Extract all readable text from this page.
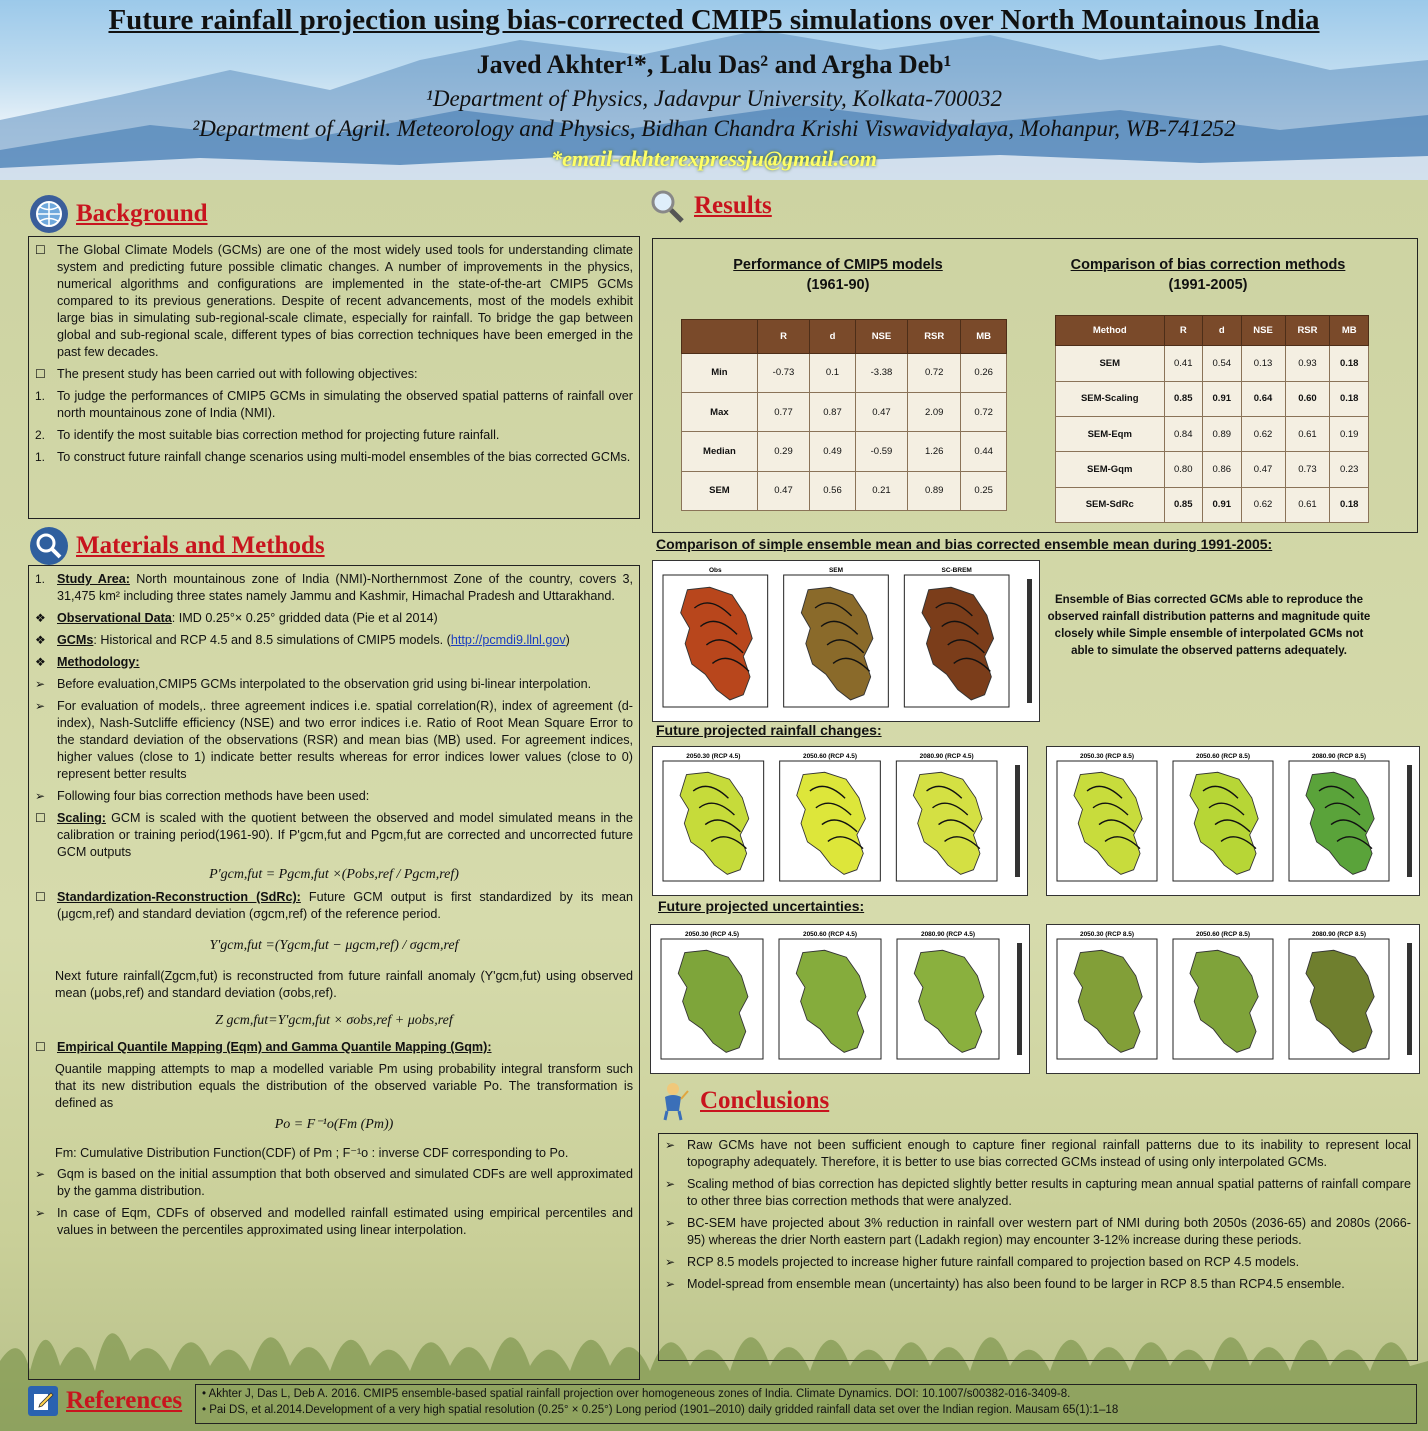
Future rainfall projection using bias-corrected CMIP5 simulations over North Mountainous India
Javed Akhter¹*, Lalu Das² and Argha Deb¹
¹Department of Physics, Jadavpur University, Kolkata-700032
²Department of Agril. Meteorology and Physics, Bidhan Chandra Krishi Viswavidyalaya, Mohanpur, WB-741252
*email-akhterexpressju@gmail.com
Background
☐ The Global Climate Models (GCMs) are one of the most widely used tools for understanding climate system and predicting future possible climatic changes. A number of improvements in the physics, numerical algorithms and configurations are implemented in the state-of-the-art CMIP5 GCMs compared to its previous generations. Despite of recent advancements, most of the models exhibit large bias in simulating sub-regional-scale climate, especially for rainfall. To bridge the gap between global and sub-regional scale, different types of bias correction techniques have been emerged in the past few decades.
☐ The present study has been carried out with following objectives:
1. To judge the performances of CMIP5 GCMs in simulating the observed spatial patterns of rainfall over north mountainous zone of India (NMI).
2. To identify the most suitable bias correction method for projecting future rainfall.
1. To construct future rainfall change scenarios using multi-model ensembles of the bias corrected GCMs.
Materials and Methods
1. Study Area: North mountainous zone of India (NMI)-Northernmost Zone of the country, covers 3, 31,475 km² including three states namely Jammu and Kashmir, Himachal Pradesh and Uttarakhand.
❖ Observational Data: IMD 0.25°× 0.25° gridded data (Pie et al 2014)
❖ GCMs: Historical and RCP 4.5 and 8.5 simulations of CMIP5 models. (http://pcmdi9.llnl.gov)
❖ Methodology:
➢ Before evaluation,CMIP5 GCMs interpolated to the observation grid using bi-linear interpolation.
➢ For evaluation of models,. three agreement indices i.e. spatial correlation(R), index of agreement (d-index), Nash-Sutcliffe efficiency (NSE) and two error indices i.e. Ratio of Root Mean Square Error to the standard deviation of the observations (RSR) and mean bias (MB) used. For agreement indices, higher values (close to 1) indicate better results whereas for error indices lower values (close to 0) represent better results
➢ Following four bias correction methods have been used:
☐ Scaling: GCM is scaled with the quotient between the observed and model simulated means in the calibration or training period(1961-90). If P'gcm,fut and Pgcm,fut are corrected and uncorrected future GCM outputs
P'gcm,fut = Pgcm,fut ×(Pobs,ref / Pgcm,ref)
☐ Standardization-Reconstruction (SdRc): Future GCM output is first standardized by its mean (μgcm,ref) and standard deviation (σgcm,ref) of the reference period.
Y'gcm,fut =(Ygcm,fut − μgcm,ref) / σgcm,ref
Next future rainfall(Zgcm,fut) is reconstructed from future rainfall anomaly (Y'gcm,fut) using observed mean (μobs,ref) and standard deviation (σobs,ref).
Z gcm,fut=Y'gcm,fut × σobs,ref + μobs,ref
☐ Empirical Quantile Mapping (Eqm) and Gamma Quantile Mapping (Gqm):
Quantile mapping attempts to map a modelled variable Pm using probability integral transform such that its new distribution equals the distribution of the observed variable Po. The transformation is defined as
Po = F⁻¹o(Fm (Pm))
Fm: Cumulative Distribution Function(CDF) of Pm ; F⁻¹o : inverse CDF corresponding to Po.
➢ Gqm is based on the initial assumption that both observed and simulated CDFs are well approximated by the gamma distribution.
➢ In case of Eqm, CDFs of observed and modelled rainfall estimated using empirical percentiles and values in between the percentiles approximated using linear interpolation.
Results
Performance of CMIP5 models
(1961-90)
	R	d	NSE	RSR	MB
Min	-0.73	0.1	-3.38	0.72	0.26
Max	0.77	0.87	0.47	2.09	0.72
Median	0.29	0.49	-0.59	1.26	0.44
SEM	0.47	0.56	0.21	0.89	0.25
Comparison of bias correction methods
(1991-2005)
Method	R	d	NSE	RSR	MB
SEM	0.41	0.54	0.13	0.93	0.18
SEM-Scaling	0.85	0.91	0.64	0.60	0.18
SEM-Eqm	0.84	0.89	0.62	0.61	0.19
SEM-Gqm	0.80	0.86	0.47	0.73	0.23
SEM-SdRc	0.85	0.91	0.62	0.61	0.18
Comparison of simple ensemble mean and bias corrected ensemble mean during 1991-2005:
Obs	SEM	SC-BREM
Ensemble of Bias corrected GCMs able to reproduce the observed rainfall distribution patterns and magnitude quite closely while Simple ensemble of interpolated GCMs not able to simulate the observed patterns adequately.
Future projected rainfall changes:
2050.30 (RCP 4.5)	2050.60 (RCP 4.5)	2080.90 (RCP 4.5)	2050.30 (RCP 8.5)	2050.60 (RCP 8.5)	2080.90 (RCP 8.5)
Future projected uncertainties:
2050.30 (RCP 4.5)	2050.60 (RCP 4.5)	2080.90 (RCP 4.5)	2050.30 (RCP 8.5)	2050.60 (RCP 8.5)	2080.90 (RCP 8.5)
Conclusions
➢ Raw GCMs have not been sufficient enough to capture finer regional rainfall patterns due to its inability to represent local topography adequately. Therefore, it is better to use bias corrected GCMs instead of using only interpolated GCMs.
➢ Scaling method of bias correction has depicted slightly better results in capturing mean annual spatial patterns of rainfall compare to other three bias correction methods that were analyzed.
➢ BC-SEM have projected about 3% reduction in rainfall over western part of NMI during both 2050s (2036-65) and 2080s (2066-95) whereas the drier North eastern part (Ladakh region) may encounter 3-12% increase during these periods.
➢ RCP 8.5 models projected to increase higher future rainfall compared to projection based on RCP 4.5 models.
➢ Model-spread from ensemble mean (uncertainty) has also been found to be larger in RCP 8.5 than RCP4.5 ensemble.
References • Akhter J, Das L, Deb A. 2016. CMIP5 ensemble-based spatial rainfall projection over homogeneous zones of India. Climate Dynamics. DOI: 10.1007/s00382-016-3409-8.
• Pai DS, et al.2014.Development of a very high spatial resolution (0.25° × 0.25°) Long period (1901–2010) daily gridded rainfall data set over the Indian region. Mausam 65(1):1–18
